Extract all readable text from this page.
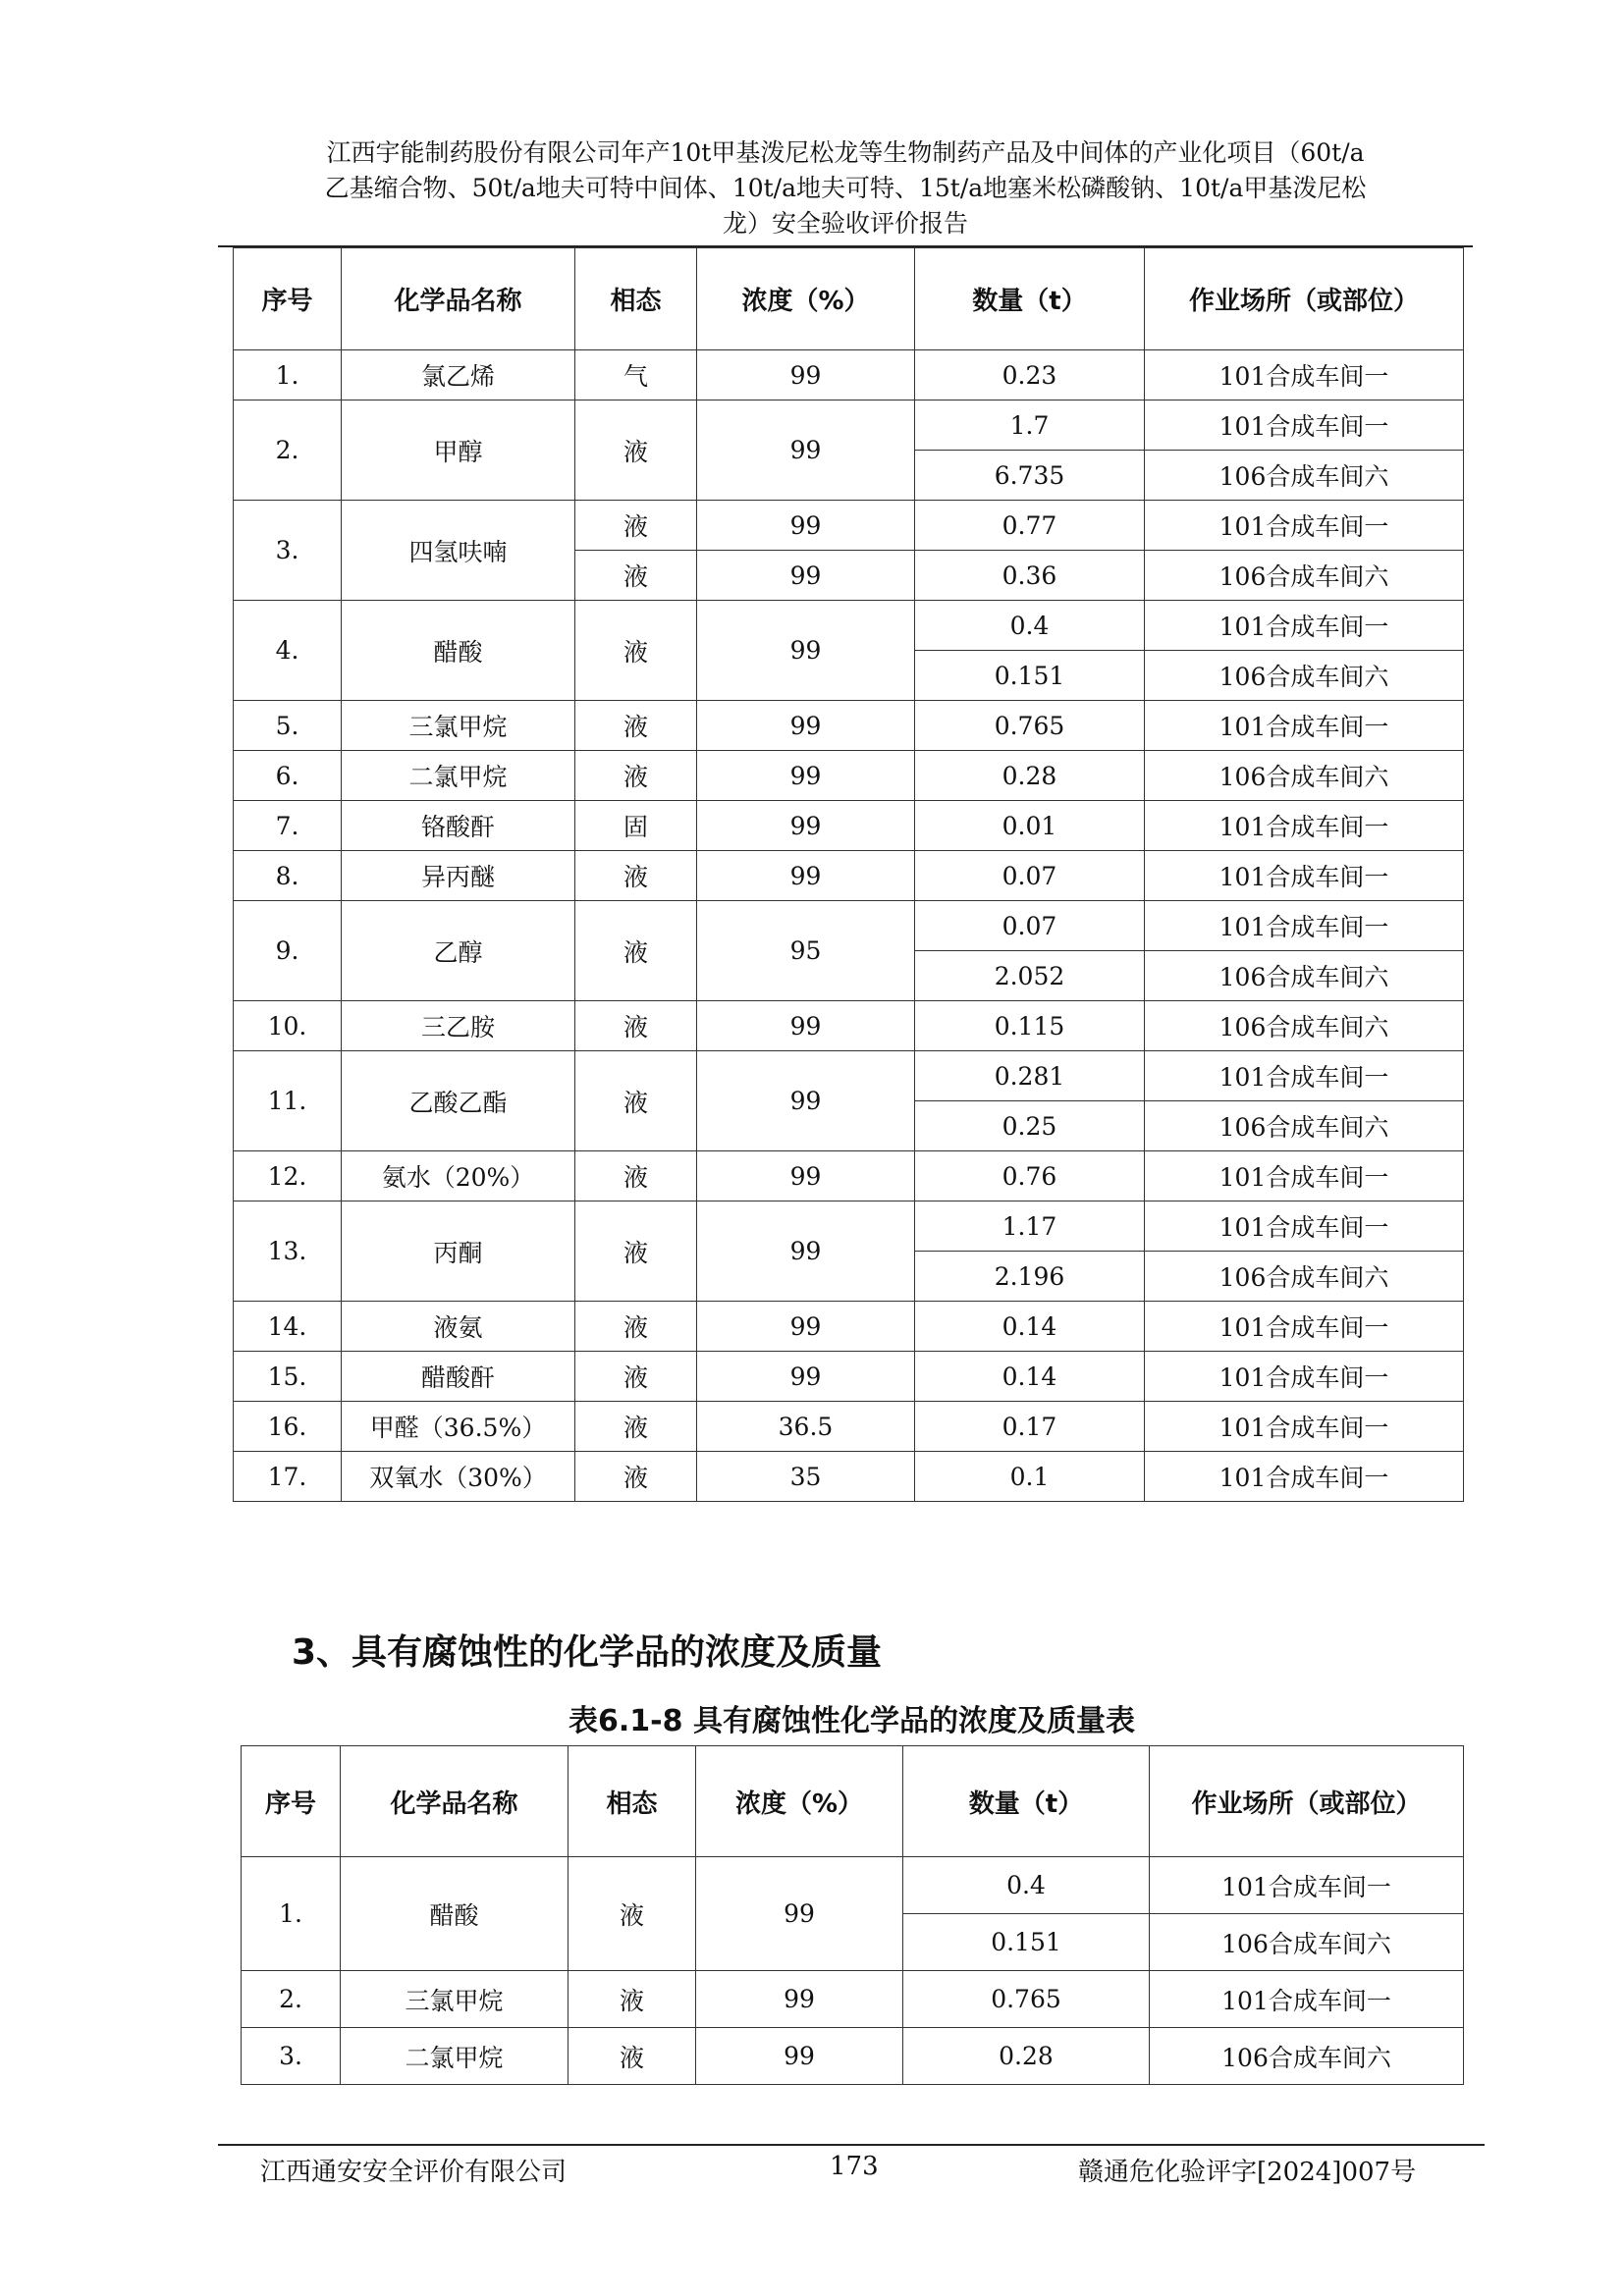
江西宇能制药股份有限公司年产10t甲基泼尼松龙等生物制药产品及中间体的产业化项目（60t/a
乙基缩合物、50t/a地夫可特中间体、10t/a地夫可特、15t/a地塞米松磷酸钠、10t/a甲基泼尼松
龙）安全验收评价报告
序号	化学品名称	相态	浓度（%）	数量（t）	作业场所（或部位）
1.	氯乙烯	气	99	0.23	101合成车间一
2.	甲醇	液	99	1.7	101合成车间一
				6.735	106合成车间六
3.	四氢呋喃	液	99	0.77	101合成车间一
		液	99	0.36	106合成车间六
4.	醋酸	液	99	0.4	101合成车间一
				0.151	106合成车间六
5.	三氯甲烷	液	99	0.765	101合成车间一
6.	二氯甲烷	液	99	0.28	106合成车间六
7.	铬酸酐	固	99	0.01	101合成车间一
8.	异丙醚	液	99	0.07	101合成车间一
9.	乙醇	液	95	0.07	101合成车间一
				2.052	106合成车间六
10.	三乙胺	液	99	0.115	106合成车间六
11.	乙酸乙酯	液	99	0.281	101合成车间一
				0.25	106合成车间六
12.	氨水（20%）	液	99	0.76	101合成车间一
13.	丙酮	液	99	1.17	101合成车间一
				2.196	106合成车间六
14.	液氨	液	99	0.14	101合成车间一
15.	醋酸酐	液	99	0.14	101合成车间一
16.	甲醛（36.5%）	液	36.5	0.17	101合成车间一
17.	双氧水（30%）	液	35	0.1	101合成车间一
3、具有腐蚀性的化学品的浓度及质量
表6.1-8 具有腐蚀性化学品的浓度及质量表
序号	化学品名称	相态	浓度（%）	数量（t）	作业场所（或部位）
1.	醋酸	液	99	0.4	101合成车间一
				0.151	106合成车间六
2.	三氯甲烷	液	99	0.765	101合成车间一
3.	二氯甲烷	液	99	0.28	106合成车间六
江西通安安全评价有限公司	173	赣通危化验评字[2024]007号
